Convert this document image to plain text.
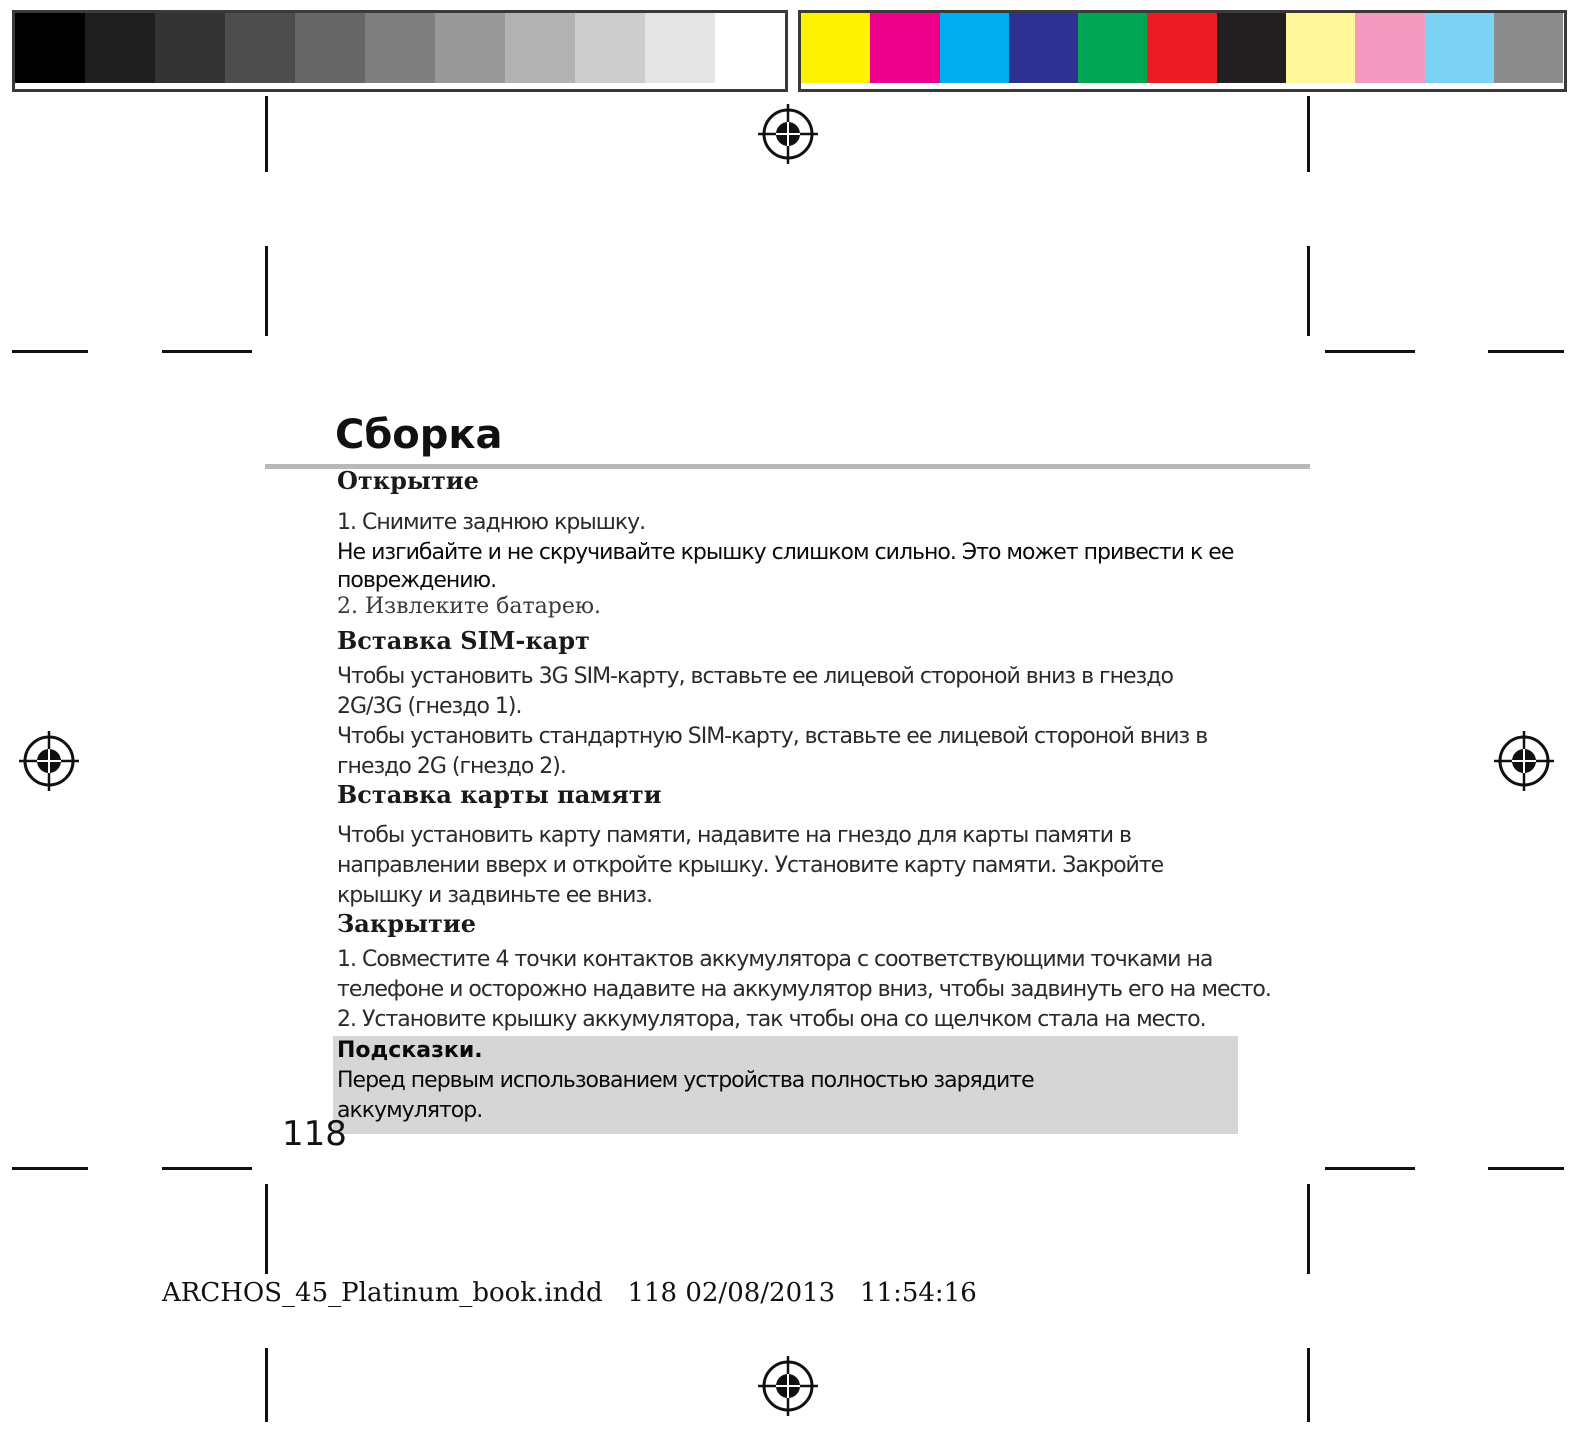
Сборка
Открытие

1. Снимите заднюю крышку.

Не изгибайте и не скручивайте крышку слишком сильно. Это может привести к ее

повреждению.

2. Извлеките батарею.

Вставка SIM-карт

Чтобы установить 3G SIM-карту, вставьте ее лицевой стороной вниз в гнездо

2G/3G (гнездо 1).

Чтобы установить стандартную SIM-карту, вставьте ее лицевой стороной вниз в

гнездо 2G (гнездо 2).

Вставка карты памяти

Чтобы установить карту памяти, надавите на гнездо для карты памяти в

направлении вверх и откройте крышку. Установите карту памяти. Закройте

крышку и задвиньте ее вниз.

Закрытие

1. Совместите 4 точки контактов аккумулятора с соответствующими точками на

телефоне и осторожно надавите на аккумулятор вниз, чтобы задвинуть его на место.

2. Установите крышку аккумулятора, так чтобы она со щелчком стала на место.

Подсказки.

Перед первым использованием устройства полностью зарядите

аккумулятор.

118

ARCHOS_45_Platinum_book.indd   118 02/08/2013   11:54:16
